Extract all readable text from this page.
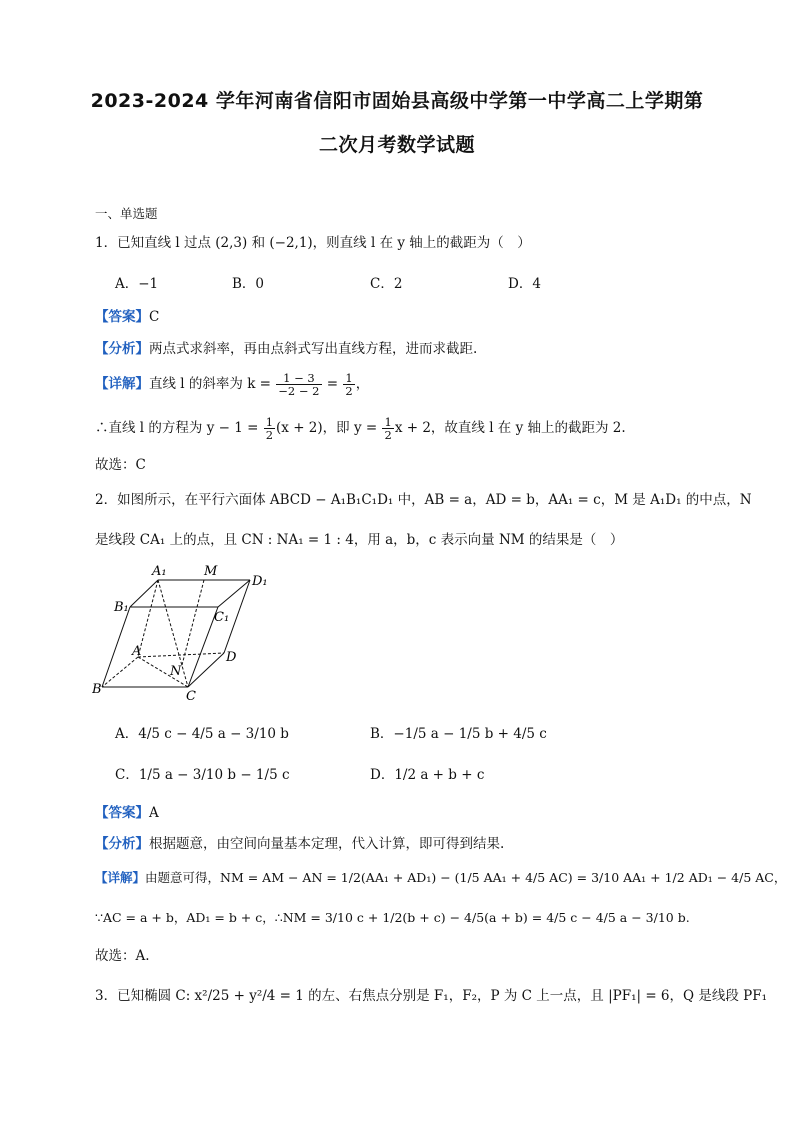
2023-2024 学年河南省信阳市固始县高级中学第一中学高二上学期第
二次月考数学试题
一、单选题
1．已知直线 l 过点 (2,3) 和 (−2,1)，则直线 l 在 y 轴上的截距为（　）
A．−1	B．0	C．2	D．4
【答案】C
【分析】两点式求斜率，再由点斜式写出直线方程，进而求截距.
【详解】直线 l 的斜率为 $k = \frac{1 - 3}{-2 - 2} = \frac{1}{2}$ ，
∴直线 l 的方程为 $y - 1 = \frac{1}{2} (x + 2)$，即 $y = \frac{1}{2}$ x + 2，故直线 l 在 y 轴上的截距为 2.
故选：C
2．如图所示，在平行六面体 ABCD − A₁B₁C₁D₁ 中，AB = a，AD = b，AA₁ = c，M 是 A₁D₁ 的中点，N
是线段 CA₁ 上的点，且 CN : NA₁ = 1 : 4，用 a，b，c 表示向量 NM 的结果是（　）
A₁	M
D₁
B₁
C₁
A	D
N
B	C
A．4/5 c − 4/5 a − 3/10 b	B．−1/5 a − 1/5 b + 4/5 c
C．1/5 a − 3/10 b − 1/5 c	D．1/2 a + b + c
【答案】A
【分析】根据题意，由空间向量基本定理，代入计算，即可得到结果.
【详解】由题意可得，NM = AM − AN = 1/2(AA₁ + AD₁) − (1/5 AA₁ + 4/5 AC) = 3/10 AA₁ + 1/2 AD₁ − 4/5 AC，
∵AC = a + b，AD₁ = b + c，∴NM = 3/10 c + 1/2(b + c) − 4/5(a + b) = 4/5 c − 4/5 a − 3/10 b.
故选：A.
3．已知椭圆 C: x²/25 + y²/4 = 1 的左、右焦点分别是 F₁，F₂，P 为 C 上一点，且 |PF₁| = 6，Q 是线段 PF₁
